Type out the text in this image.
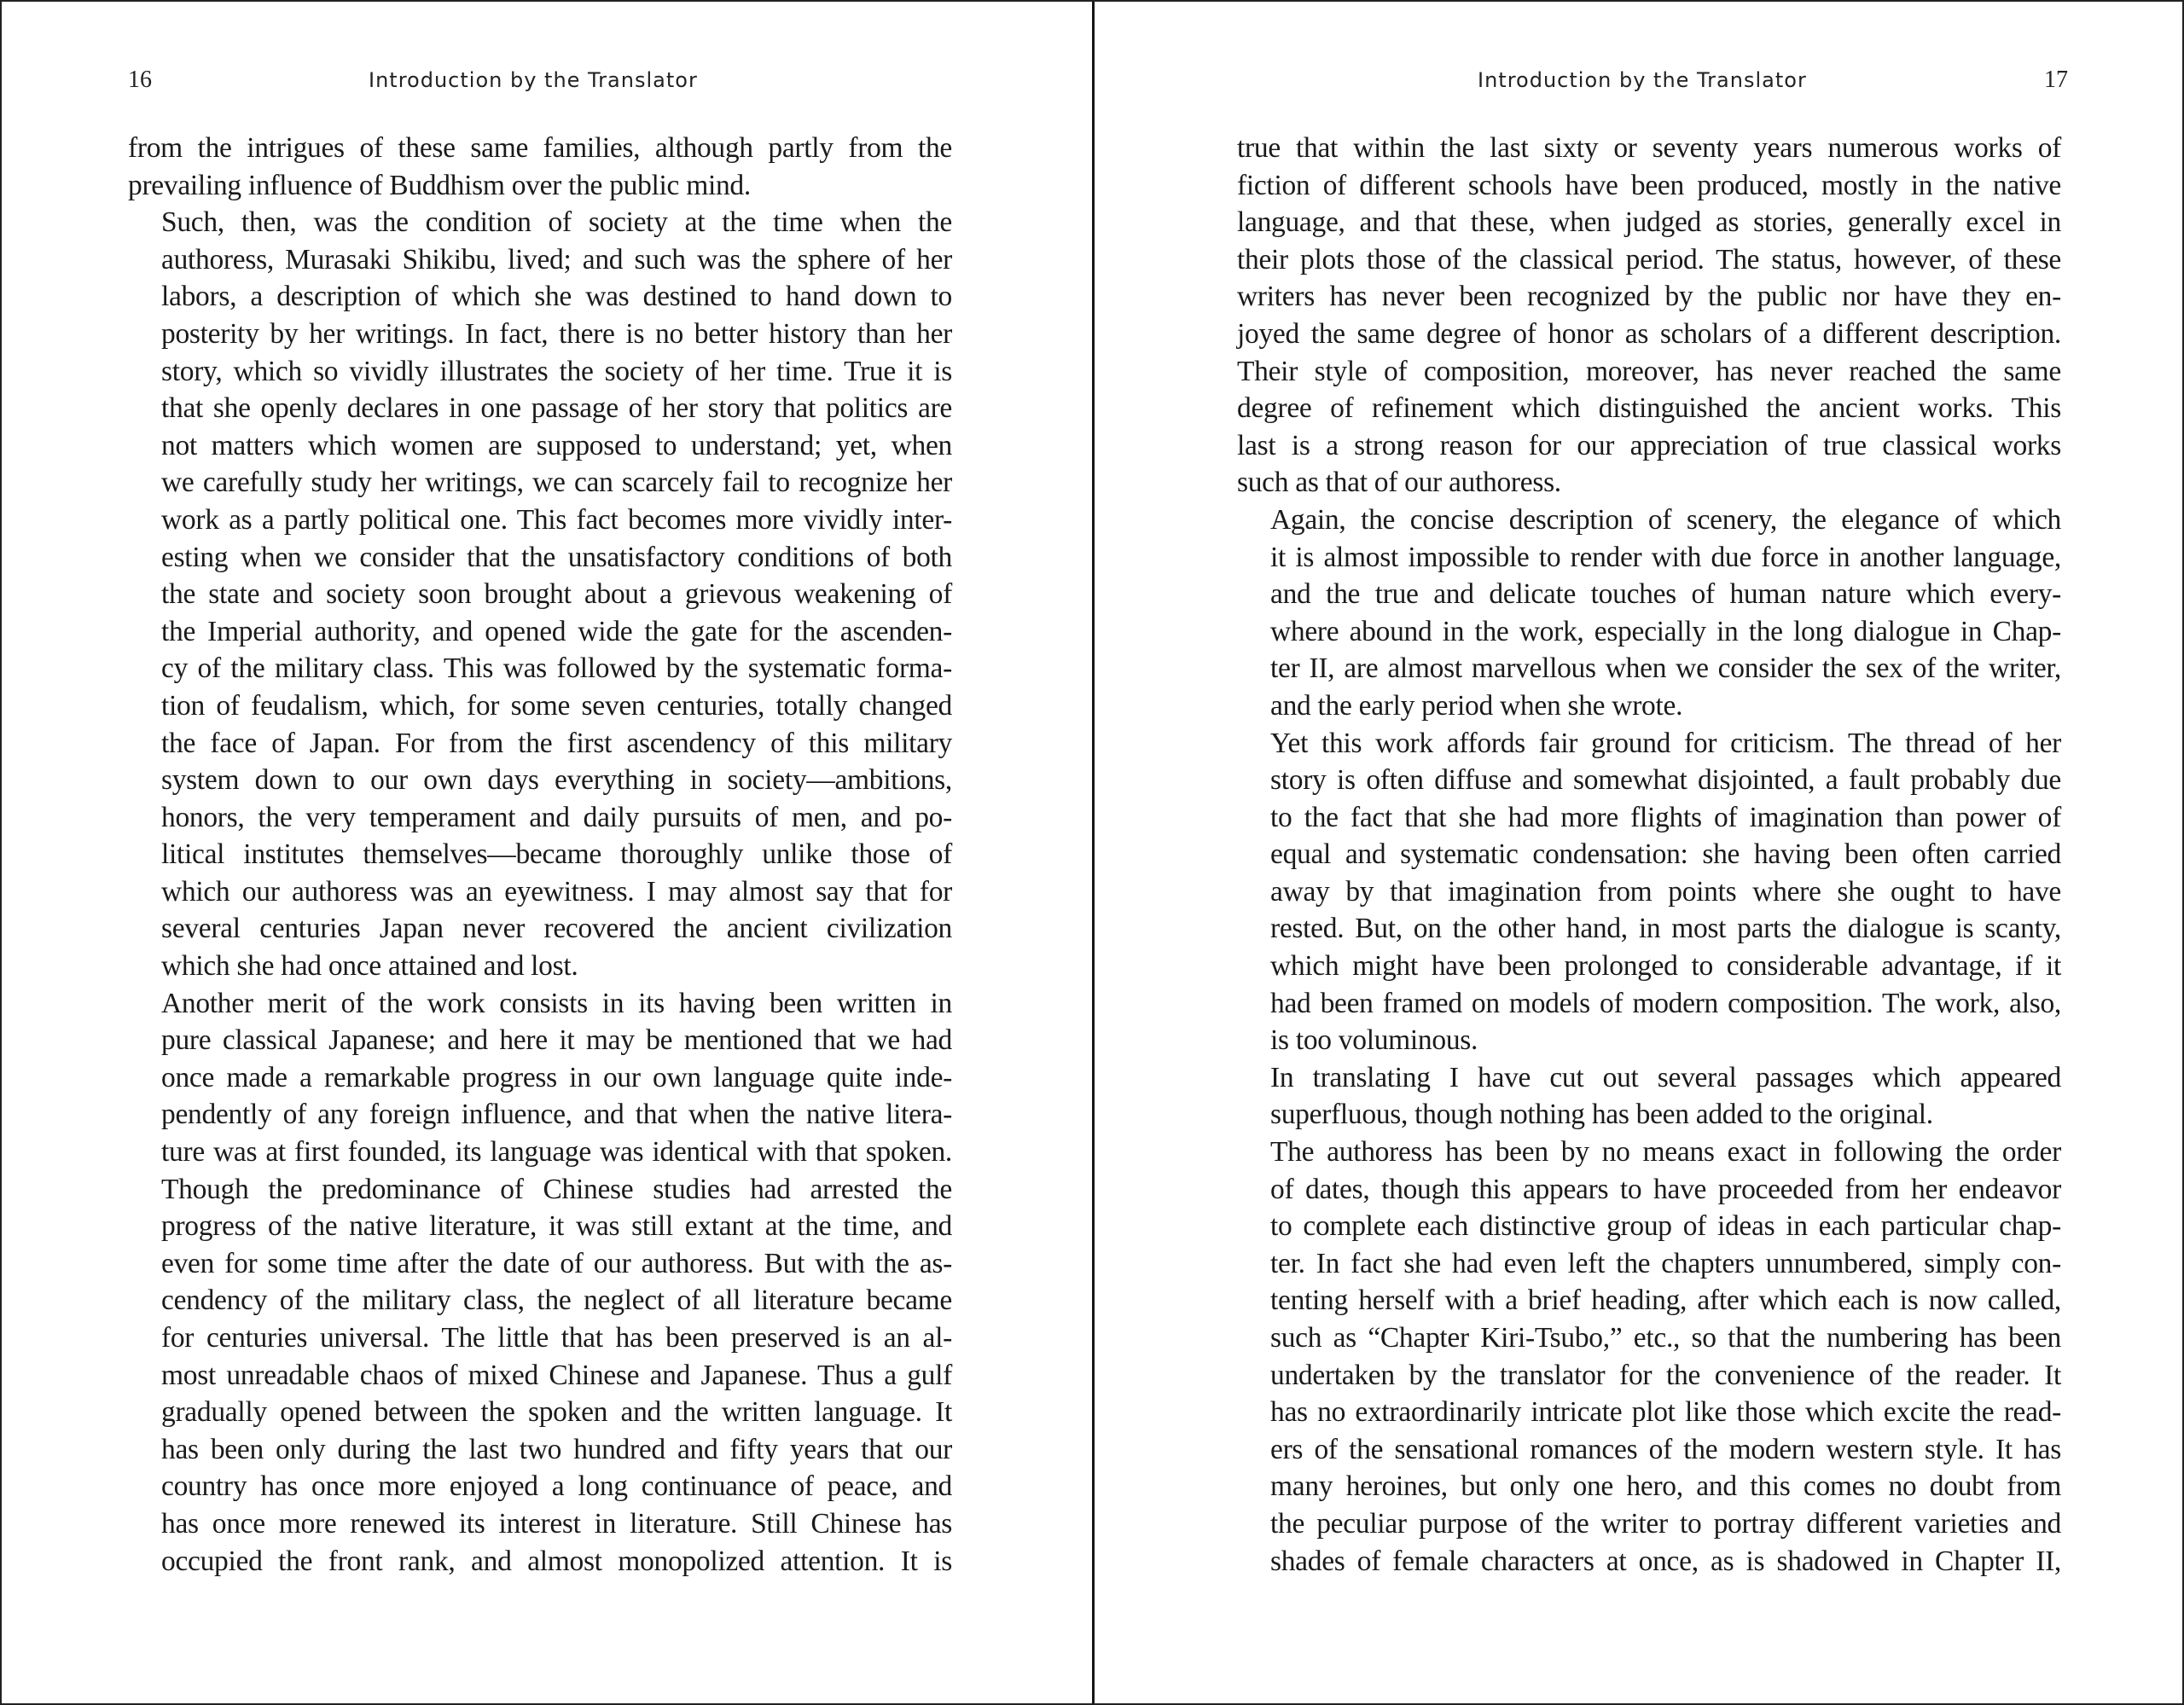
16	Introduction by the Translator

from the intrigues of these same families, although partly from the
prevailing influence of Buddhism over the public mind.

Such, then, was the condition of society at the time when the
authoress, Murasaki Shikibu, lived; and such was the sphere of her
labors, a description of which she was destined to hand down to
posterity by her writings. In fact, there is no better history than her
story, which so vividly illustrates the society of her time. True it is
that she openly declares in one passage of her story that politics are
not matters which women are supposed to understand; yet, when
we carefully study her writings, we can scarcely fail to recognize her
work as a partly political one. This fact becomes more vividly inter-
esting when we consider that the unsatisfactory conditions of both
the state and society soon brought about a grievous weakening of
the Imperial authority, and opened wide the gate for the ascenden-
cy of the military class. This was followed by the systematic forma-
tion of feudalism, which, for some seven centuries, totally changed
the face of Japan. For from the first ascendency of this military
system down to our own days everything in society—ambitions,
honors, the very temperament and daily pursuits of men, and po-
litical institutes themselves—became thoroughly unlike those of
which our authoress was an eyewitness. I may almost say that for
several centuries Japan never recovered the ancient civilization
which she had once attained and lost.

Another merit of the work consists in its having been written in
pure classical Japanese; and here it may be mentioned that we had
once made a remarkable progress in our own language quite inde-
pendently of any foreign influence, and that when the native litera-
ture was at first founded, its language was identical with that spoken.
Though the predominance of Chinese studies had arrested the
progress of the native literature, it was still extant at the time, and
even for some time after the date of our authoress. But with the as-
cendency of the military class, the neglect of all literature became
for centuries universal. The little that has been preserved is an al-
most unreadable chaos of mixed Chinese and Japanese. Thus a gulf
gradually opened between the spoken and the written language. It
has been only during the last two hundred and fifty years that our
country has once more enjoyed a long continuance of peace, and
has once more renewed its interest in literature. Still Chinese has
occupied the front rank, and almost monopolized attention. It is

Introduction by the Translator	17

true that within the last sixty or seventy years numerous works of
fiction of different schools have been produced, mostly in the native
language, and that these, when judged as stories, generally excel in
their plots those of the classical period. The status, however, of these
writers has never been recognized by the public nor have they en-
joyed the same degree of honor as scholars of a different description.
Their style of composition, moreover, has never reached the same
degree of refinement which distinguished the ancient works. This
last is a strong reason for our appreciation of true classical works
such as that of our authoress.

Again, the concise description of scenery, the elegance of which
it is almost impossible to render with due force in another language,
and the true and delicate touches of human nature which every-
where abound in the work, especially in the long dialogue in Chap-
ter II, are almost marvellous when we consider the sex of the writer,
and the early period when she wrote.

Yet this work affords fair ground for criticism. The thread of her
story is often diffuse and somewhat disjointed, a fault probably due
to the fact that she had more flights of imagination than power of
equal and systematic condensation: she having been often carried
away by that imagination from points where she ought to have
rested. But, on the other hand, in most parts the dialogue is scanty,
which might have been prolonged to considerable advantage, if it
had been framed on models of modern composition. The work, also,
is too voluminous.

In translating I have cut out several passages which appeared
superfluous, though nothing has been added to the original.

The authoress has been by no means exact in following the order
of dates, though this appears to have proceeded from her endeavor
to complete each distinctive group of ideas in each particular chap-
ter. In fact she had even left the chapters unnumbered, simply con-
tenting herself with a brief heading, after which each is now called,
such as “Chapter Kiri-Tsubo,” etc., so that the numbering has been
undertaken by the translator for the convenience of the reader. It
has no extraordinarily intricate plot like those which excite the read-
ers of the sensational romances of the modern western style. It has
many heroines, but only one hero, and this comes no doubt from
the peculiar purpose of the writer to portray different varieties and
shades of female characters at once, as is shadowed in Chapter II,
